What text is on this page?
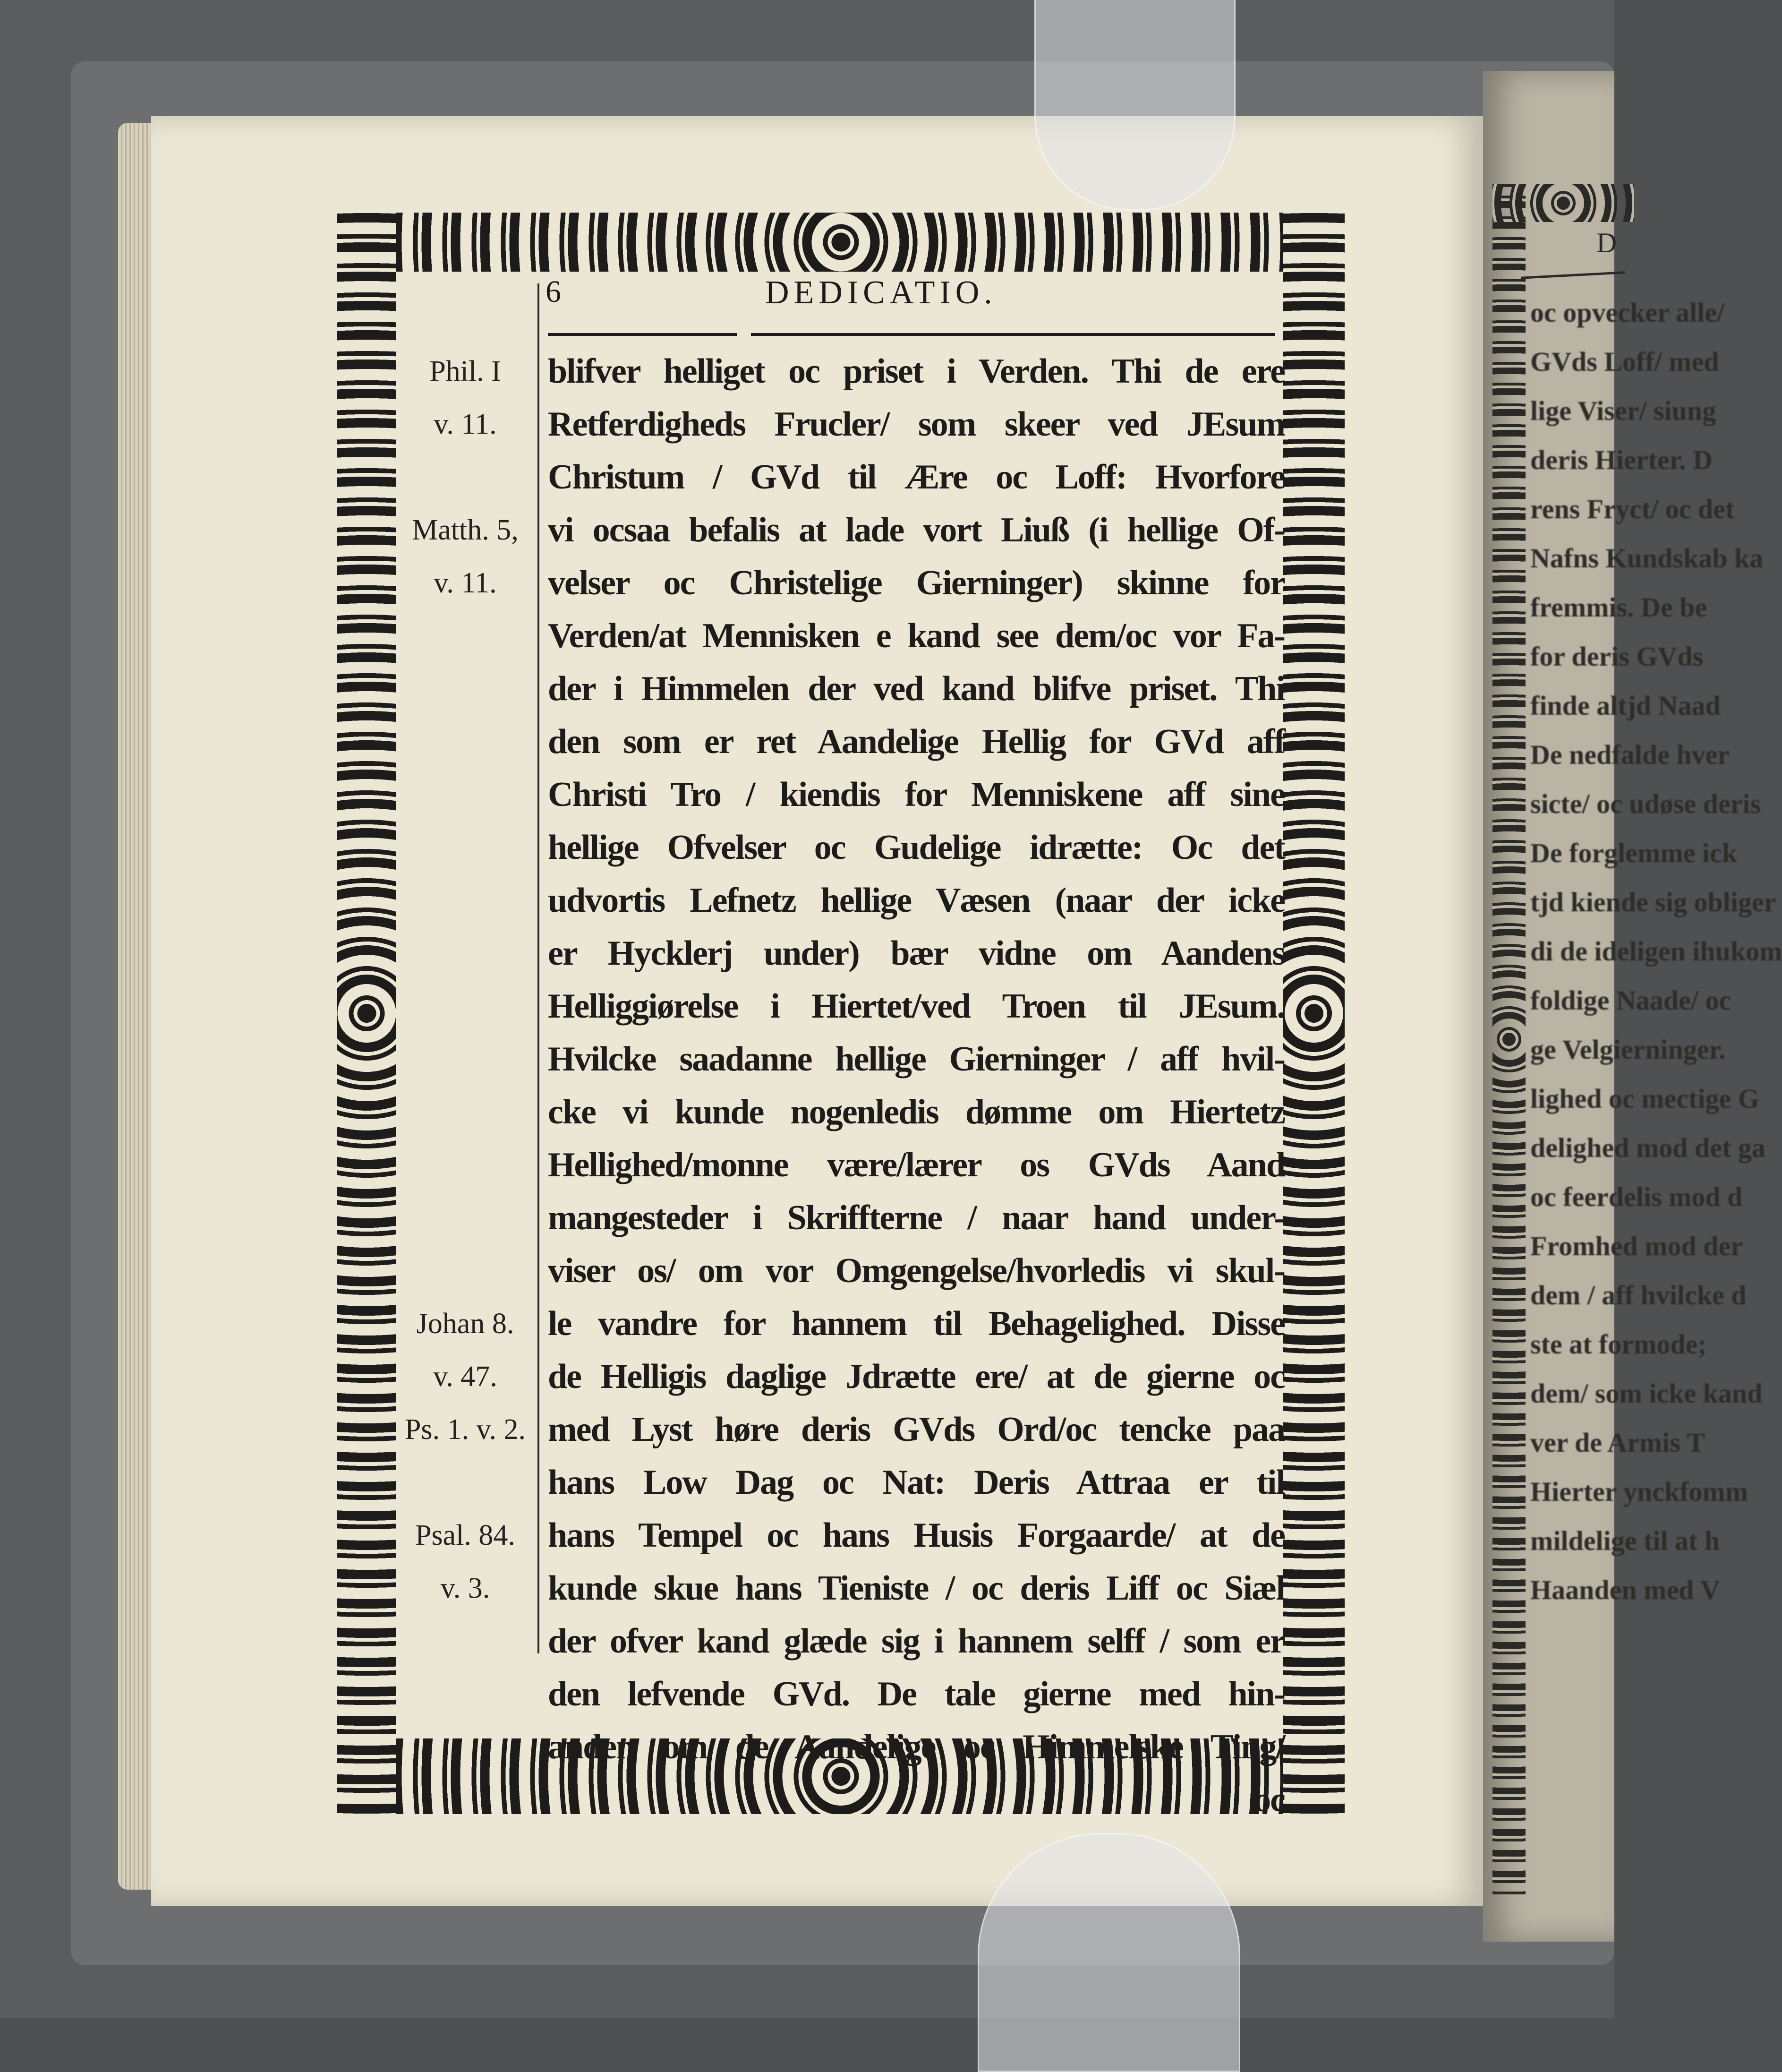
6	DEDICATIO.
Phil. I
v. 11.
Matth. 5,
v. 11.
Johan 8.
v. 47.
Ps. 1. v. 2.
Psal. 84.
v. 3.
blifver helliget oc priset i Verden. Thi de ere
Retferdigheds Frucler/ som skeer ved JEsum
Christum / GVd til Ære oc Loff: Hvorfore
vi ocsaa befalis at lade vort Liuß (i hellige Of-
velser oc Christelige Gierninger) skinne for
Verden/at Mennisken e kand see dem/oc vor Fa-
der i Himmelen der ved kand blifve priset. Thi
den som er ret Aandelige Hellig for GVd aff
Christi Tro / kiendis for Menniskene aff sine
hellige Ofvelser oc Gudelige idrætte: Oc det
udvortis Lefnetz hellige Væsen (naar der icke
er Hycklerj under) bær vidne om Aandens
Helliggiørelse i Hiertet/ved Troen til JEsum.
Hvilcke saadanne hellige Gierninger / aff hvil-
cke vi kunde nogenledis dømme om Hiertetz
Hellighed/monne være/lærer os GVds Aand
mangesteder i Skriffterne / naar hand under-
viser os/ om vor Omgengelse/hvorledis vi skul-
le vandre for hannem til Behagelighed. Disse
de Helligis daglige Jdrætte ere/ at de gierne oc
med Lyst høre deris GVds Ord/oc tencke paa
hans Low Dag oc Nat: Deris Attraa er til
hans Tempel oc hans Husis Forgaarde/ at de
kunde skue hans Tieniste / oc deris Liff oc Siæl
der ofver kand glæde sig i hannem selff / som er
den lefvende GVd. De tale gierne med hin-
anden om de Aandelige oc Himmelske Ting/
oc
D
oc opvecker alle/
GVds Loff/ med
lige Viser/ siung
deris Hierter. D
rens Fryct/ oc det
Nafns Kundskab ka
fremmis. De be
for deris GVds
finde altjd Naad
De nedfalde hver
sicte/ oc udøse deris
De forglemme ick
tjd kiende sig obliger
di de ideligen ihukom
foldige Naade/ oc
ge Velgierninger.
lighed oc mectige G
delighed mod det ga
oc feerdelis mod d
Fromhed mod der
dem / aff hvilcke d
ste at formode;
dem/ som icke kand
ver de Armis T
Hierter ynckfomm
mildelige til at h
Haanden med V
